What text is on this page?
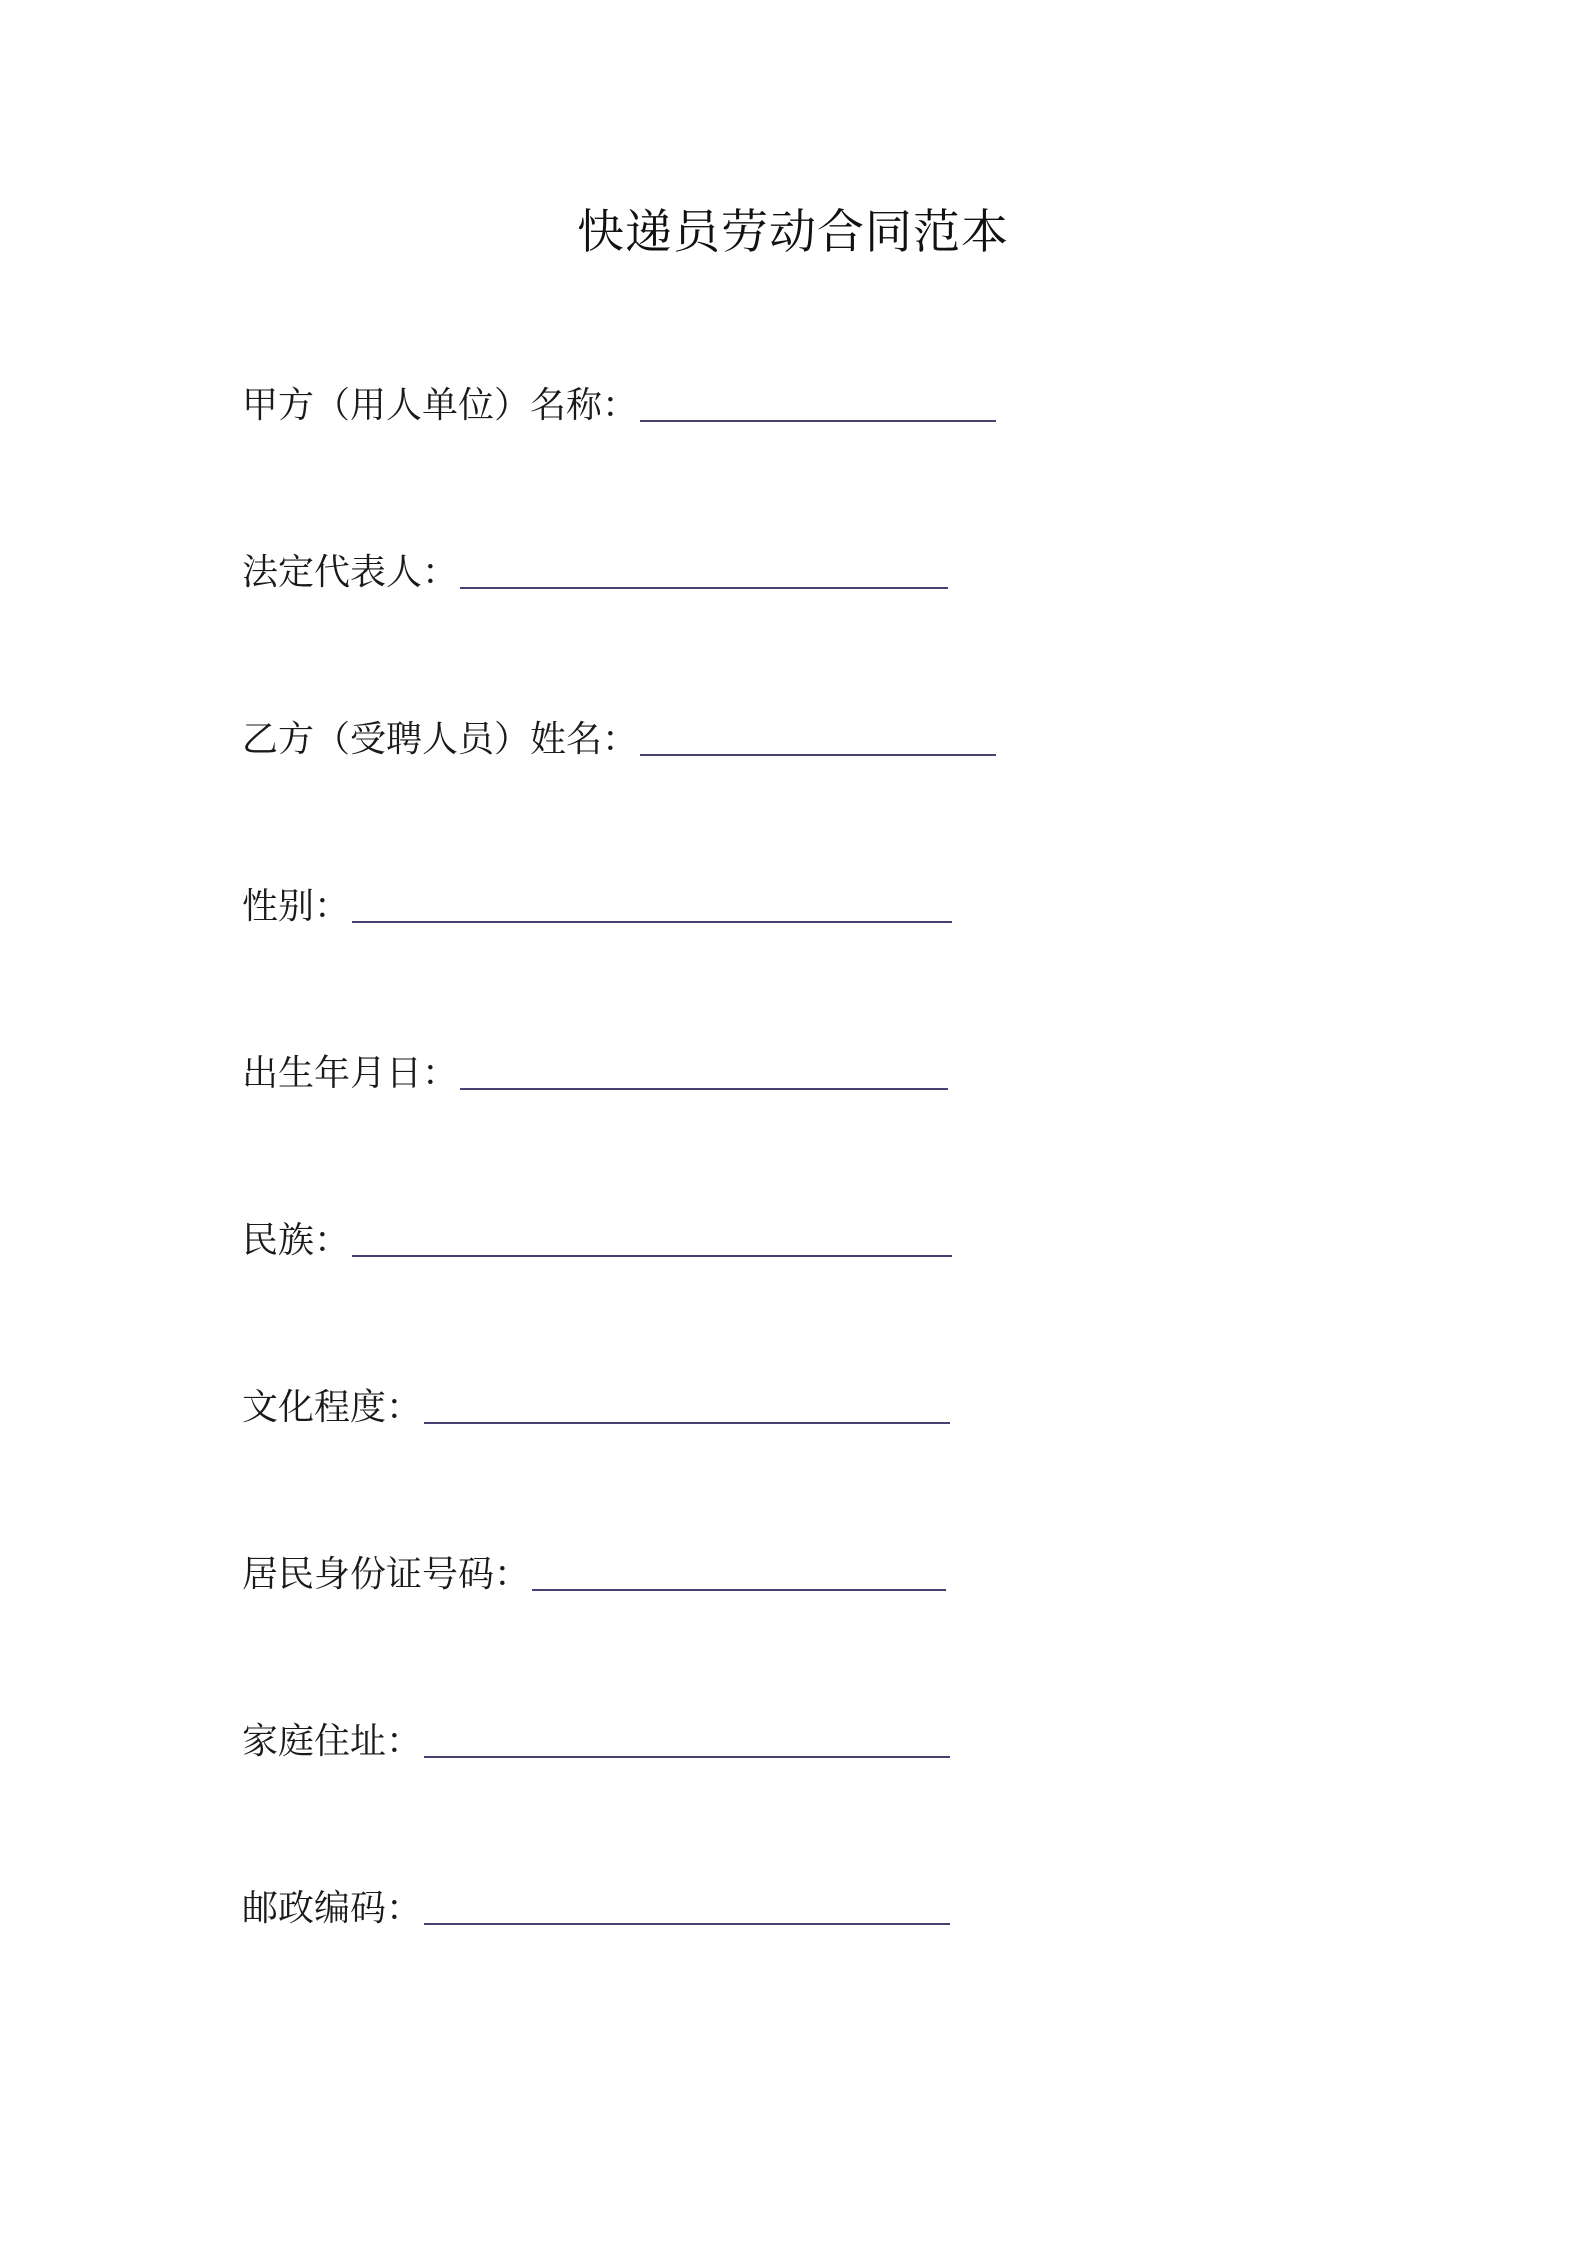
快递员劳动合同范本
甲方（用人单位）名称：
法定代表人：
乙方（受聘人员）姓名：
性别：
出生年月日：
民族：
文化程度：
居民身份证号码：
家庭住址：
邮政编码：
